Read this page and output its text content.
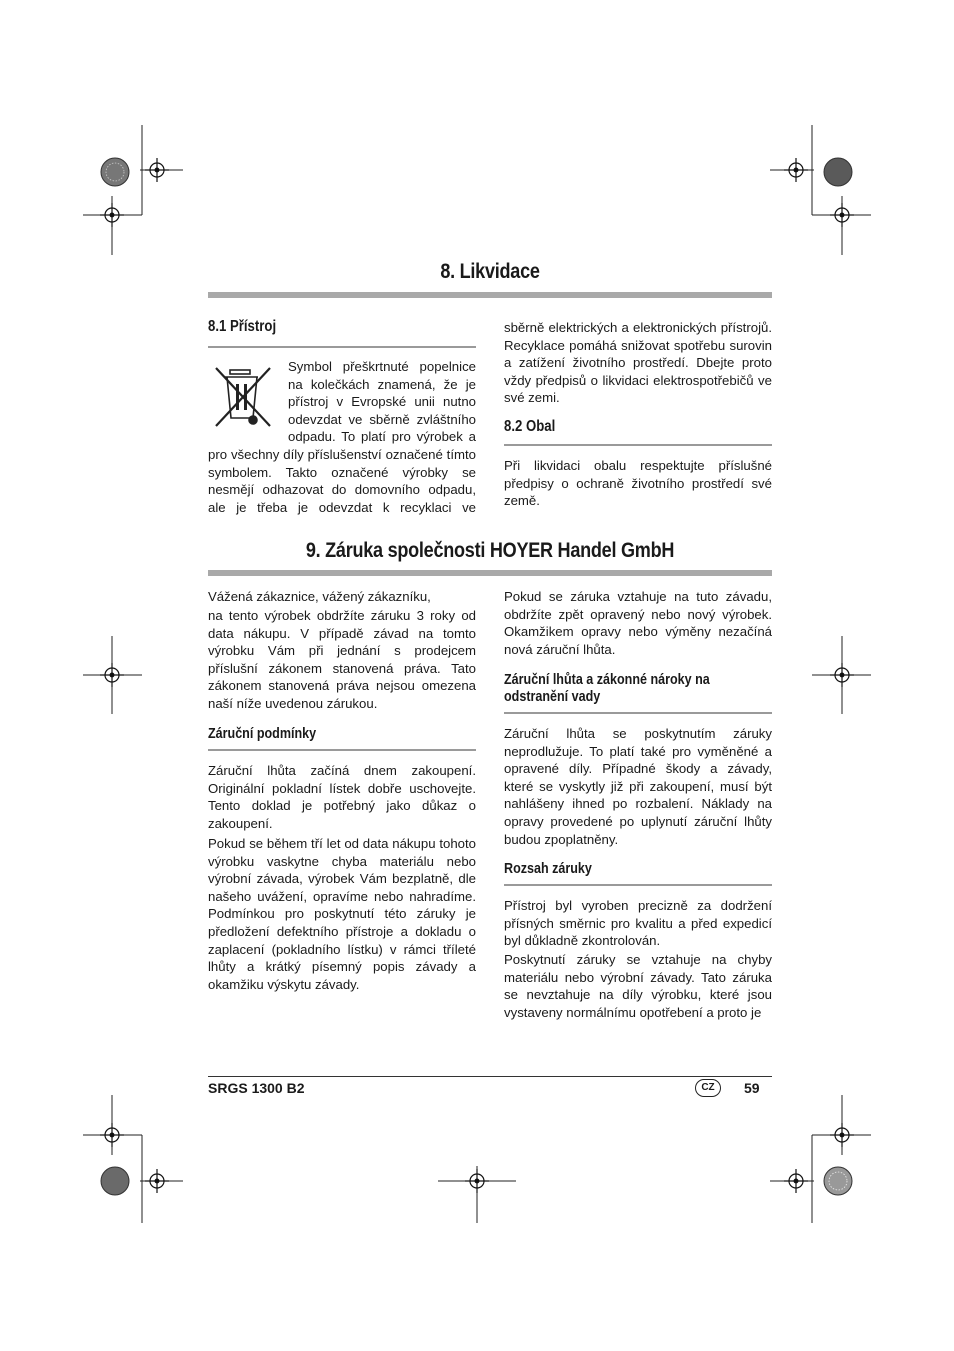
8. Likvidace
8.1 Přístroj
Symbol přeškrtnuté popelnice
na kolečkách znamená, že je
přístroj v Evropské unii nutno
odevzdat ve sběrně zvláštního
odpadu. To platí pro výrobek a

pro všechny díly příslušenství označené tímto symbolem. Takto označené výrobky se nesmějí odhazovat do domovního odpadu, ale je třeba je odevzdat k recyklaci ve

sběrně elektrických a elektronických přístrojů. Recyklace pomáhá snižovat spotřebu surovin a zatížení životního prostředí. Dbejte proto vždy předpisů o likvidaci elektrospotřebičů ve své zemi.

8.2 Obal

Při likvidaci obalu respektujte příslušné předpisy o ochraně životního prostředí své země.

9. Záruka společnosti HOYER Handel GmbH
Vážená zákaznice, vážený zákazníku,

na tento výrobek obdržíte záruku 3 roky od data nákupu. V případě závad na tomto výrobku Vám při jednání s prodejcem příslušní zákonem stanovená práva. Tato zákonem stanovená práva nejsou omezena naší níže uvedenou zárukou.

Záruční podmínky

Záruční lhůta začíná dnem zakoupení. Originální pokladní lístek dobře uschovejte. Tento doklad je potřebný jako důkaz o zakoupení.

Pokud se během tří let od data nákupu tohoto výrobku vaskytne chyba materiálu nebo výrobní závada, výrobek Vám bezplatně, dle našeho uvážení, opravíme nebo nahradíme. Podmínkou pro poskytnutí této záruky je předložení defektního přístroje a dokladu o zaplacení (pokladního lístku) v rámci tříleté lhůty a krátký písemný popis závady a okamžiku výskytu závady.

Pokud se záruka vztahuje na tuto závadu, obdržíte zpět opravený nebo nový výrobek. Okamžikem opravy nebo výměny nezačíná nová záruční lhůta.

Záruční lhůta a zákonné nároky na
odstranění vady

Záruční lhůta se poskytnutím záruky neprodlužuje. To platí také pro vyměněné a opravené díly. Případné škody a závady, které se vyskytly již při zakoupení, musí být nahlášeny ihned po rozbalení. Náklady na opravy provedené po uplynutí záruční lhůty budou zpoplatněny.

Rozsah záruky

Přístroj byl vyroben precizně za dodržení přísných směrnic pro kvalitu a před expedicí byl důkladně zkontrolován.

Poskytnutí záruky se vztahuje na chyby materiálu nebo výrobní závady. Tato záruka se nevztahuje na díly výrobku, které jsou vystaveny normálnímu opotřebení a proto je

SRGS 1300 B2	CZ	59
